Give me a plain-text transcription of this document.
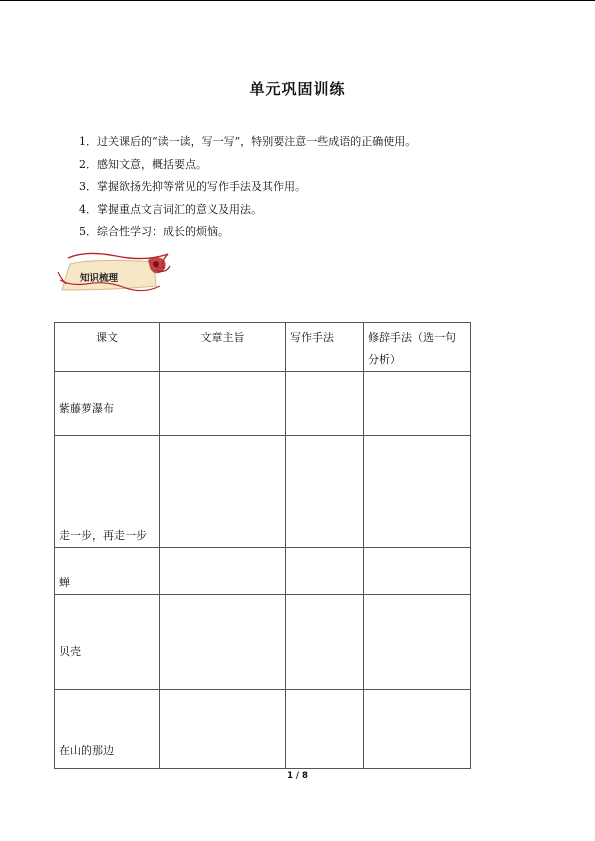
单元巩固训练
1．过关课后的“读一读，写一写”，特别要注意一些成语的正确使用。
2．感知文意，概括要点。
3．掌握欲扬先抑等常见的写作手法及其作用。
4．掌握重点文言词汇的意义及用法。
5．综合性学习：成长的烦恼。
知识梳理
课文	文章主旨	写作手法	修辞手法（选一句分析）
紫藤萝瀑布			
走一步，再走一步			
蝉			
贝壳			
在山的那边			
1 / 8
